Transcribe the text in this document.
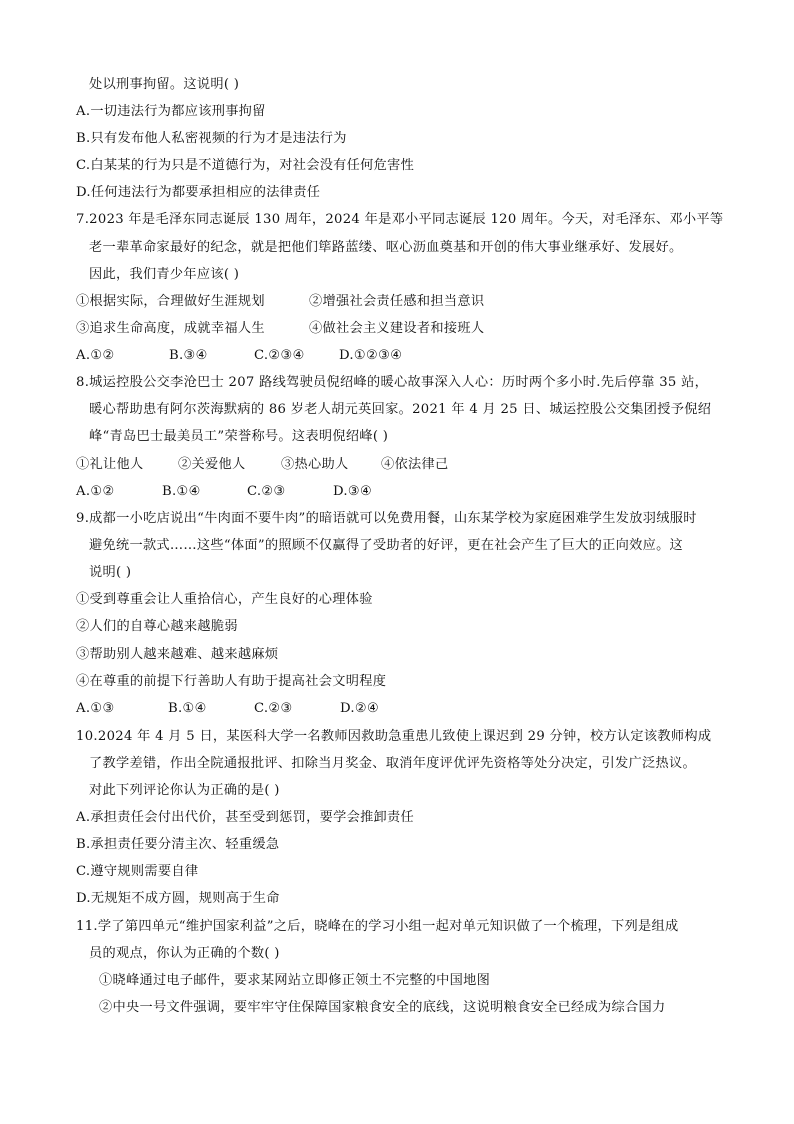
处以刑事拘留。这说明( )
A.一切违法行为都应该刑事拘留
B.只有发布他人私密视频的行为才是违法行为
C.白某某的行为只是不道德行为，对社会没有任何危害性
D.任何违法行为都要承担相应的法律责任
7.2023 年是毛泽东同志诞辰 130 周年，2024 年是邓小平同志诞辰 120 周年。今天，对毛泽东、邓小平等
老一辈革命家最好的纪念，就是把他们筚路蓝缕、呕心沥血奠基和开创的伟大事业继承好、发展好。
因此，我们青少年应该( )
①根据实际，合理做好生涯规划	②增强社会责任感和担当意识
③追求生命高度，成就幸福人生	④做社会主义建设者和接班人
A.①②	B.③④	C.②③④	D.①②③④
8.城运控股公交李沧巴士 207 路线驾驶员倪绍峰的暖心故事深入人心：历时两个多小时.先后停靠 35 站，
暖心帮助患有阿尔茨海默病的 86 岁老人胡元英回家。2021 年 4 月 25 日、城运控股公交集团授予倪绍
峰“青岛巴士最美员工”荣誉称号。这表明倪绍峰( )
①礼让他人	②关爱他人	③热心助人 ④依法律己
A.①②	B.①④	C.②③	D.③④
9.成都一小吃店说出“牛肉面不要牛肉”的暗语就可以免费用餐，山东某学校为家庭困难学生发放羽绒服时
避免统一款式……这些“体面”的照顾不仅赢得了受助者的好评，更在社会产生了巨大的正向效应。这
说明( )
①受到尊重会让人重拾信心，产生良好的心理体验
②人们的自尊心越来越脆弱
③帮助别人越来越难、越来越麻烦
④在尊重的前提下行善助人有助于提高社会文明程度
A.①③	B.①④	C.②③	D.②④
10.2024 年 4 月 5 日，某医科大学一名教师因救助急重患儿致使上课迟到 29 分钟，校方认定该教师构成
了教学差错，作出全院通报批评、扣除当月奖金、取消年度评优评先资格等处分决定，引发广泛热议。
对此下列评论你认为正确的是( )
A.承担责任会付出代价，甚至受到惩罚，要学会推卸责任
B.承担责任要分清主次、轻重缓急
C.遵守规则需要自律
D.无规矩不成方圆，规则高于生命
11.学了第四单元“维护国家利益”之后，晓峰在的学习小组一起对单元知识做了一个梳理，下列是组成
员的观点，你认为正确的个数( )
①晓峰通过电子邮件，要求某网站立即修正领土不完整的中国地图
②中央一号文件强调，要牢牢守住保障国家粮食安全的底线，这说明粮食安全已经成为综合国力
